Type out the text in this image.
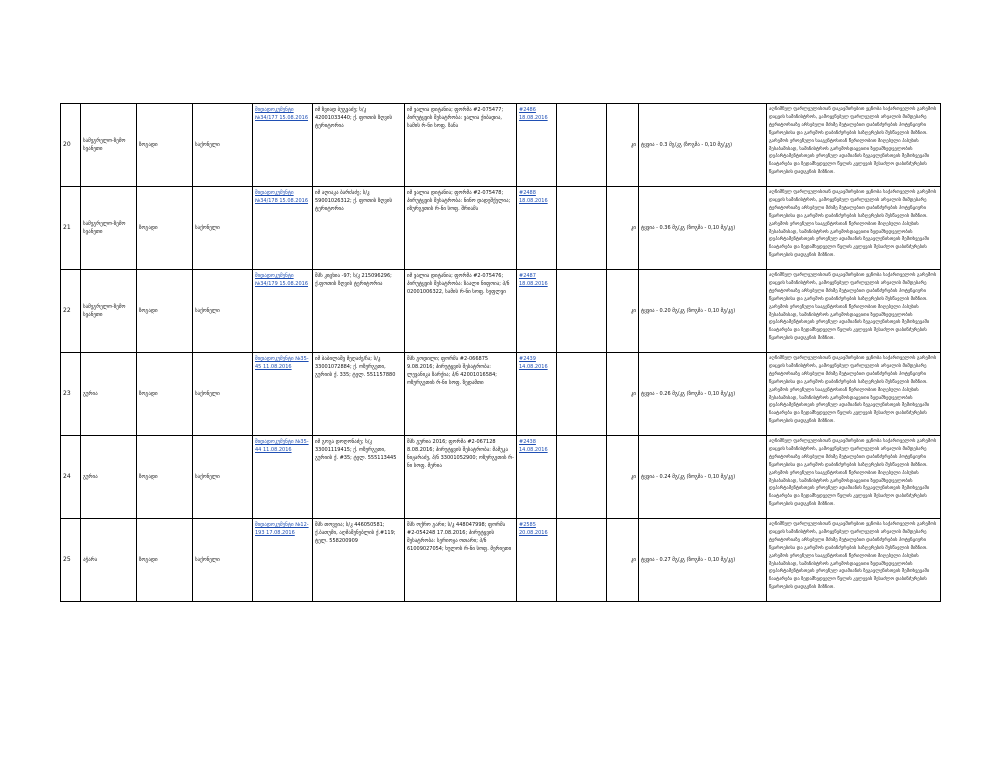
20	სამეგრელო-ზემო სვანეთი	ზოგადი	საქონელი	შიდადოკუმენტი №34/177 15.08.2016	იმ ზვიად ბუგვაძე; ს/კ 42001033440; ქ. ფოთის ზღვის ტერიტორია	იმ ვალია დიტანია; ფორმა #2-075477; პირუტყვის შესატრობა: ვალია ქიბადია, სამის რ-ნი სოფ. ზანა	#2486 18.08.2016		კი	ტყვია - 0.3 მგ/კგ (ზოგმა - 0,10 მგ/კგ)	აღნიშნულ ფარლეულისთან დაკავშირებით ეცნობა საქართველოს გარემოს დაცვის სამინისტროს, გამოყენებულ ფარლეულის არეალის მიმდებარე ტერიტორიაზე არსებული მძიმე მეტალებით დაბინძურების პოტენციური წყაროებისა და გარემოს დაბინძურების საზღვრების შესწავლის მიზნით. გარემოს ეროვნული სააგენტოსთან წერილობით მიღებული პასუხის შესაბამისად, სამინისტროს გარემოსდაცვითი ზედამხედველობის დეპარტამენტისთვის ეროვნულ ადამიანის ზეგავლენისთვის შემთხვევაში ჩაატარება და ზედამხედველო წვლის კვლევის შესაძლო დაბინძურების წყაროების დადგენის მიზნით.
21	სამეგრელო-ზემო სვანეთი	ზოგადი	საქონელი	შიდადოკუმენტი №34/178 15.08.2016	იმ აღიაკა ბარძაძე; ს/კ 59001026312; ქ. ფოთის ზღვის ტერიტორია	იმ ვალია დიტანია; ფორმა #2-075478; პირუტყვის შესატრობა: ნინო დადეშქელია; იზურგეთის რ-ნი სოფ. შრიამა	#2488 18.08.2016		კი	ტყვია - 0.36 მგ/კგ (ზოგმა - 0,10 მგ/კგ)	აღნიშნულ ფარლეულისთან დაკავშირებით ეცნობა საქართველოს გარემოს დაცვის სამინისტროს, გამოყენებულ ფარლეულის არეალის მიმდებარე ტერიტორიაზე არსებული მძიმე მეტალებით დაბინძურების პოტენციური წყაროებისა და გარემოს დაბინძურების საზღვრების შესწავლის მიზნით. გარემოს ეროვნული სააგენტოსთან წერილობით მიღებული პასუხის შესაბამისად, სამინისტროს გარემოსდაცვითი ზედამხედველობის დეპარტამენტისთვის ეროვნულ ადამიანის ზეგავლენისთვის შემთხვევაში ჩაატარება და ზედამხედველო წვლის კვლევის შესაძლო დაბინძურების წყაროების დადგენის მიზნით.
22	სამეგრელო-ზემო სვანეთი	ზოგადი	საქონელი	შიდადოკუმენტი №34/179 15.08.2016	შპს კიცხია -97; ს/კ 215096296; ქ.ფოთის ზღვის ტერიტორია	იმ ვალია დიტანია; ფორმა #2-075476; პირუტყვის შესატრობა: ზაალი ნიფოია; პ/ნ 02001006322, სამის რ-ნი სოფ. სეფლვი	#2487 18.08.2016		კი	ტყვია - 0.20 მგ/კგ (ზოგმა - 0,10 მგ/კგ)	აღნიშნულ ფარლეულისთან დაკავშირებით ეცნობა საქართველოს გარემოს დაცვის სამინისტროს, გამოყენებულ ფარლეულის არეალის მიმდებარე ტერიტორიაზე არსებული მძიმე მეტალებით დაბინძურების პოტენციური წყაროებისა და გარემოს დაბინძურების საზღვრების შესწავლის მიზნით. გარემოს ეროვნული სააგენტოსთან წერილობით მიღებული პასუხის შესაბამისად, სამინისტროს გარემოსდაცვითი ზედამხედველობის დეპარტამენტისთვის ეროვნულ ადამიანის ზეგავლენისთვის შემთხვევაში ჩაატარება და ზედამხედველო წვლის კვლევის შესაძლო დაბინძურების წყაროების დადგენის მიზნით.
23	გურია	ზოგადი	საქონელი	შიდადოკუმენტი №35-45 11.08.2016	იმ ბაბილაშვ მეღაძე/ჩა; ს/კ 33001072884; ქ. ოზურგეთი, გურიის ქ. 335; ტელ. 551157880	შპს გოდილი; ფორმა #2-066875 9.08.2016; პირუტყვის შესატრობა: ლევანიკა ზარქია; პ/ნ 42001016584; ოზურგეთის რ-ნი სოფ. ზედამთი	#2439 14.08.2016		კი	ტყვია - 0.26 მგ/კგ (ზოგმა - 0,10 მგ/კგ)	აღნიშნულ ფარლეულისთან დაკავშირებით ეცნობა საქართველოს გარემოს დაცვის სამინისტროს, გამოყენებულ ფარლეულის არეალის მიმდებარე ტერიტორიაზე არსებული მძიმე მეტალებით დაბინძურების პოტენციური წყაროებისა და გარემოს დაბინძურების საზღვრების შესწავლის მიზნით. გარემოს ეროვნული სააგენტოსთან წერილობით მიღებული პასუხის შესაბამისად, სამინისტროს გარემოსდაცვითი ზედამხედველობის დეპარტამენტისთვის ეროვნულ ადამიანის ზეგავლენისთვის შემთხვევაში ჩაატარება და ზედამხედველო წვლის კვლევის შესაძლო დაბინძურების წყაროების დადგენის მიზნით.
24	გურია	ზოგადი	საქონელი	შიდადოკუმენტი №35-44 11.08.2016	იმ გოგა დოღონაძე; ს/კ 33001119415; ქ. ოზურგეთი, გურიის ქ. #35; ტელ. 555113445	შპს გურია 2016; ფორმა #2-067128 8.08.2016; პირუტყვის შესატრობა: მამუკა ნიჟარაძე, პ/ნ 33001052900; ოზურგეთის რ-ნი სოფ. მერია	#2438 14.08.2016		კი	ტყვია - 0.24 მგ/კგ (ზოგმა - 0,10 მგ/კგ)	აღნიშნულ ფარლეულისთან დაკავშირებით ეცნობა საქართველოს გარემოს დაცვის სამინისტროს, გამოყენებულ ფარლეულის არეალის მიმდებარე ტერიტორიაზე არსებული მძიმე მეტალებით დაბინძურების პოტენციური წყაროებისა და გარემოს დაბინძურების საზღვრების შესწავლის მიზნით. გარემოს ეროვნული სააგენტოსთან წერილობით მიღებული პასუხის შესაბამისად, სამინისტროს გარემოსდაცვითი ზედამხედველობის დეპარტამენტისთვის ეროვნულ ადამიანის ზეგავლენისთვის შემთხვევაში ჩაატარება და ზედამხედველო წვლის კვლევის შესაძლო დაბინძურების წყაროების დადგენის მიზნით.
25	აჭარა	ზოგადი	საქონელი	შიდადოკუმენტი №12-193 17.08.2016	შპს თოვეია; ს/კ 446050581; ქ.ბათუმი, აღმაშენებლის ქ.#119; ტელ. 558200909	შპს ოქრო გარი; ს/კ 448047998; ფორმა #2-054248 17.08.2016; პირუტყვის შესატრობა: სერიოჟა ოთარი; პ/ნ 61009027054; ხულოს რ-ნი სოფ. მერიეთი	#2585 20.08.2016		კი	ტყვია - 0.27 მგ/კგ (ზოგმა - 0,10 მგ/კგ)	აღნიშნულ ფარლეულისთან დაკავშირებით ეცნობა საქართველოს გარემოს დაცვის სამინისტროს, გამოყენებულ ფარლეულის არეალის მიმდებარე ტერიტორიაზე არსებული მძიმე მეტალებით დაბინძურების პოტენციური წყაროებისა და გარემოს დაბინძურების საზღვრების შესწავლის მიზნით. გარემოს ეროვნული სააგენტოსთან წერილობით მიღებული პასუხის შესაბამისად, სამინისტროს გარემოსდაცვითი ზედამხედველობის დეპარტამენტისთვის ეროვნულ ადამიანის ზეგავლენისთვის შემთხვევაში ჩაატარება და ზედამხედველო წვლის კვლევის შესაძლო დაბინძურების წყაროების დადგენის მიზნით.
